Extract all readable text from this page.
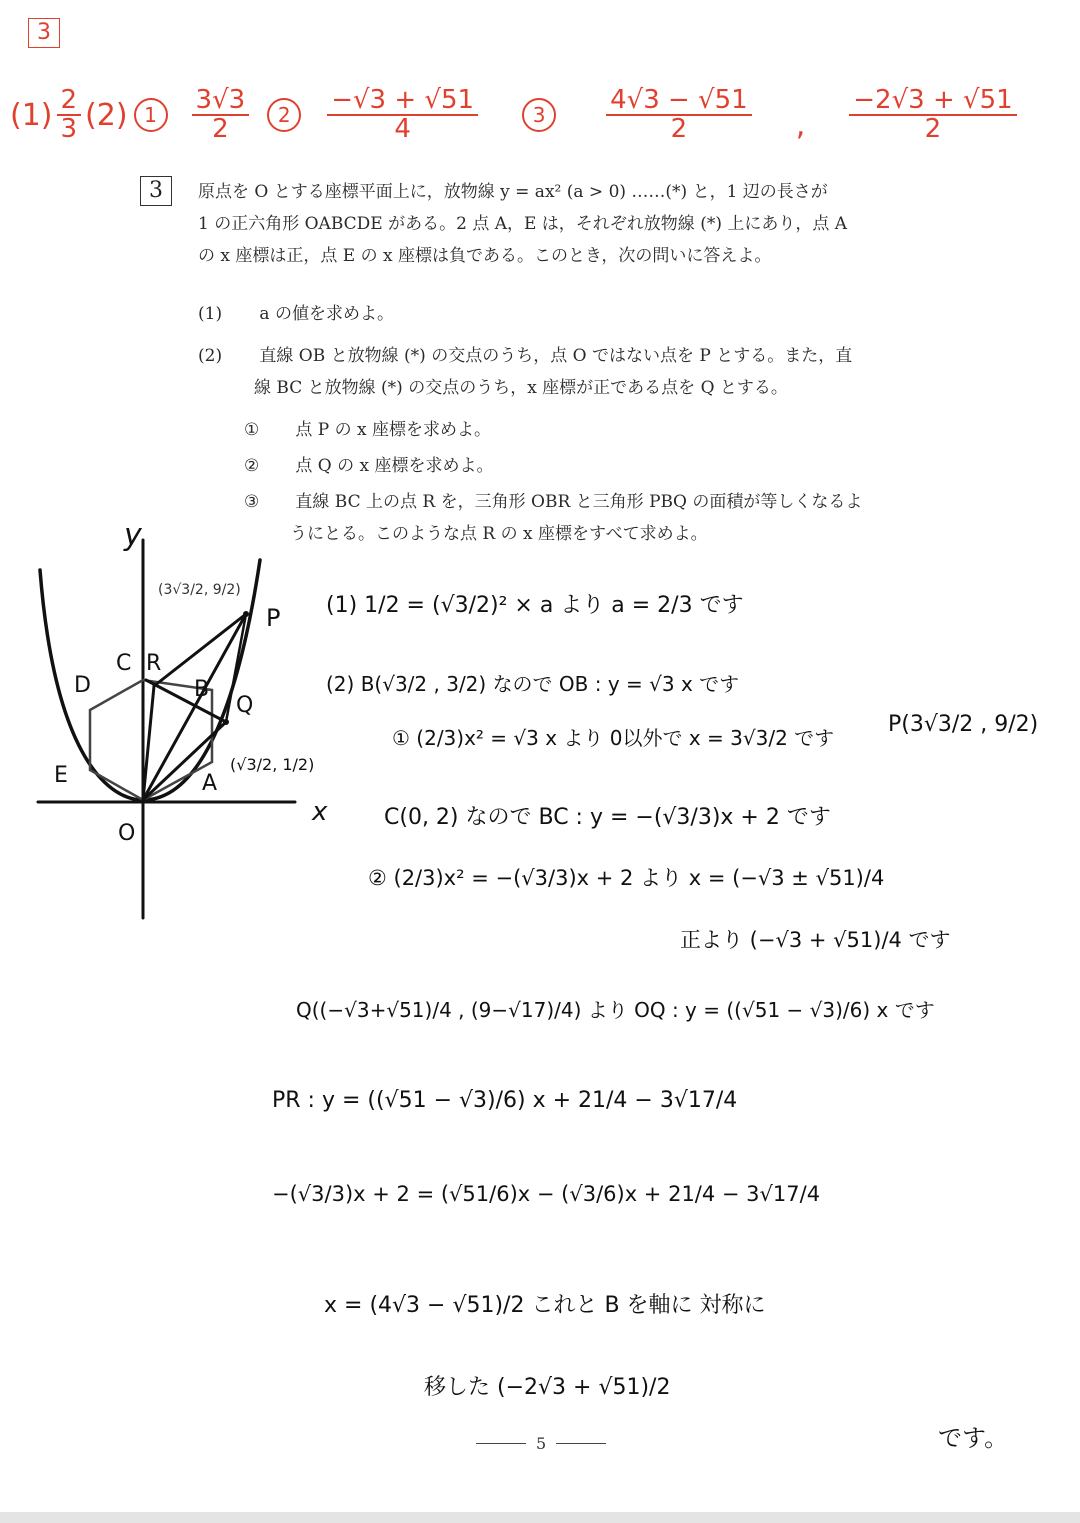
3
$(1) \frac{2}{3} (2)$ 1	$\frac{3√3}{2}$	2	$\frac{-√3 + √51}{4}$	3	$\frac{4√3 - √51}{2}$ , $\frac{-2√3 + √51}{2}$
3	原点を O とする座標平面上に，放物線 y = ax² (a > 0) ……(*) と，1 辺の長さが
1 の正六角形 OABCDE がある。2 点 A，E は，それぞれ放物線 (*) 上にあり，点 A
の x 座標は正，点 E の x 座標は負である。このとき，次の問いに答えよ。
(1) a の値を求めよ。
(2) 直線 OB と放物線 (*) の交点のうち，点 O ではない点を P とする。また，直
線 BC と放物線 (*) の交点のうち，x 座標が正である点を Q とする。
① 点 P の x 座標を求めよ。
② 点 Q の x 座標を求めよ。
③ 直線 BC 上の点 R を，三角形 OBR と三角形 PBQ の面積が等しくなるよ
うにとる。このような点 R の x 座標をすべて求めよ。
y
x
O
A
B
C
D
E
P
Q
R
(3√3/2, 9/2)
(√3/2, 1/2)
(1) 1/2 = (√3/2)² × a より a = 2/3 です
(2) B(√3/2 , 3/2) なので OB : y = √3 x です
① (2/3)x² = √3 x より 0以外で x = 3√3/2 です
P(3√3/2 , 9/2)
C(0, 2) なので BC : y = −(√3/3)x + 2 です
② (2/3)x² = −(√3/3)x + 2 より x = (−√3 ± √51)/4
正より (−√3 + √51)/4 です
Q((−√3+√51)/4 , (9−√17)/4) より OQ : y = ((√51 − √3)/6) x です
PR : y = ((√51 − √3)/6) x + 21/4 − 3√17/4
−(√3/3)x + 2 = (√51/6)x − (√3/6)x + 21/4 − 3√17/4
x = (4√3 − √51)/2 これと B を軸に 対称に
移した (−2√3 + √51)/2
です。
5
